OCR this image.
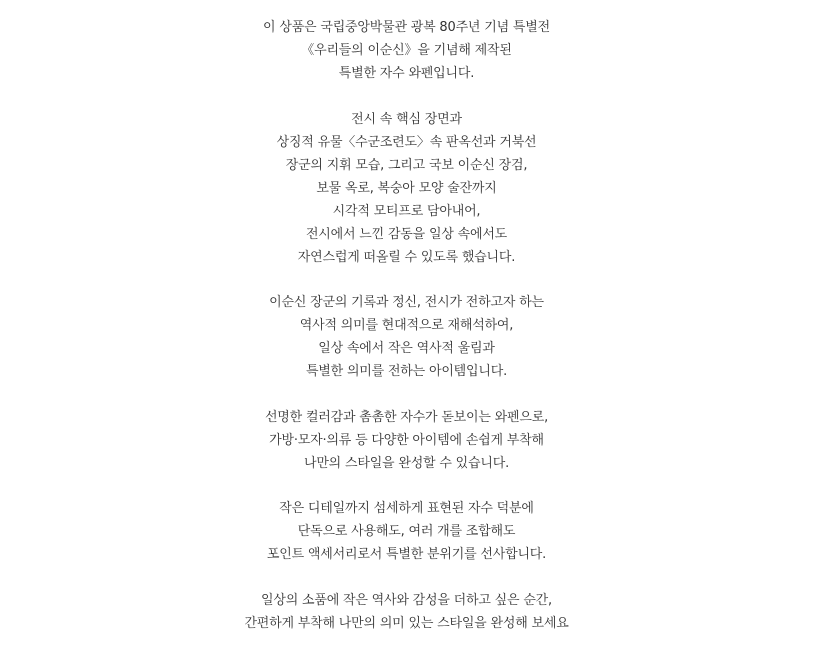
이 상품은 국립중앙박물관 광복 80주년 기념 특별전
《우리들의 이순신》을 기념해 제작된
특별한 자수 와펜입니다.
전시 속 핵심 장면과
상징적 유물〈수군조련도〉속 판옥선과 거북선
장군의 지휘 모습, 그리고 국보 이순신 장검,
보물 옥로, 복숭아 모양 술잔까지
시각적 모티프로 담아내어,
전시에서 느낀 감동을 일상 속에서도
자연스럽게 떠올릴 수 있도록 했습니다.
이순신 장군의 기록과 정신, 전시가 전하고자 하는
역사적 의미를 현대적으로 재해석하여,
일상 속에서 작은 역사적 울림과
특별한 의미를 전하는 아이템입니다.
선명한 컬러감과 촘촘한 자수가 돋보이는 와펜으로,
가방·모자·의류 등 다양한 아이템에 손쉽게 부착해
나만의 스타일을 완성할 수 있습니다.
작은 디테일까지 섬세하게 표현된 자수 덕분에
단독으로 사용해도, 여러 개를 조합해도
포인트 액세서리로서 특별한 분위기를 선사합니다.
일상의 소품에 작은 역사와 감성을 더하고 싶은 순간,
간편하게 부착해 나만의 의미 있는 스타일을 완성해 보세요
